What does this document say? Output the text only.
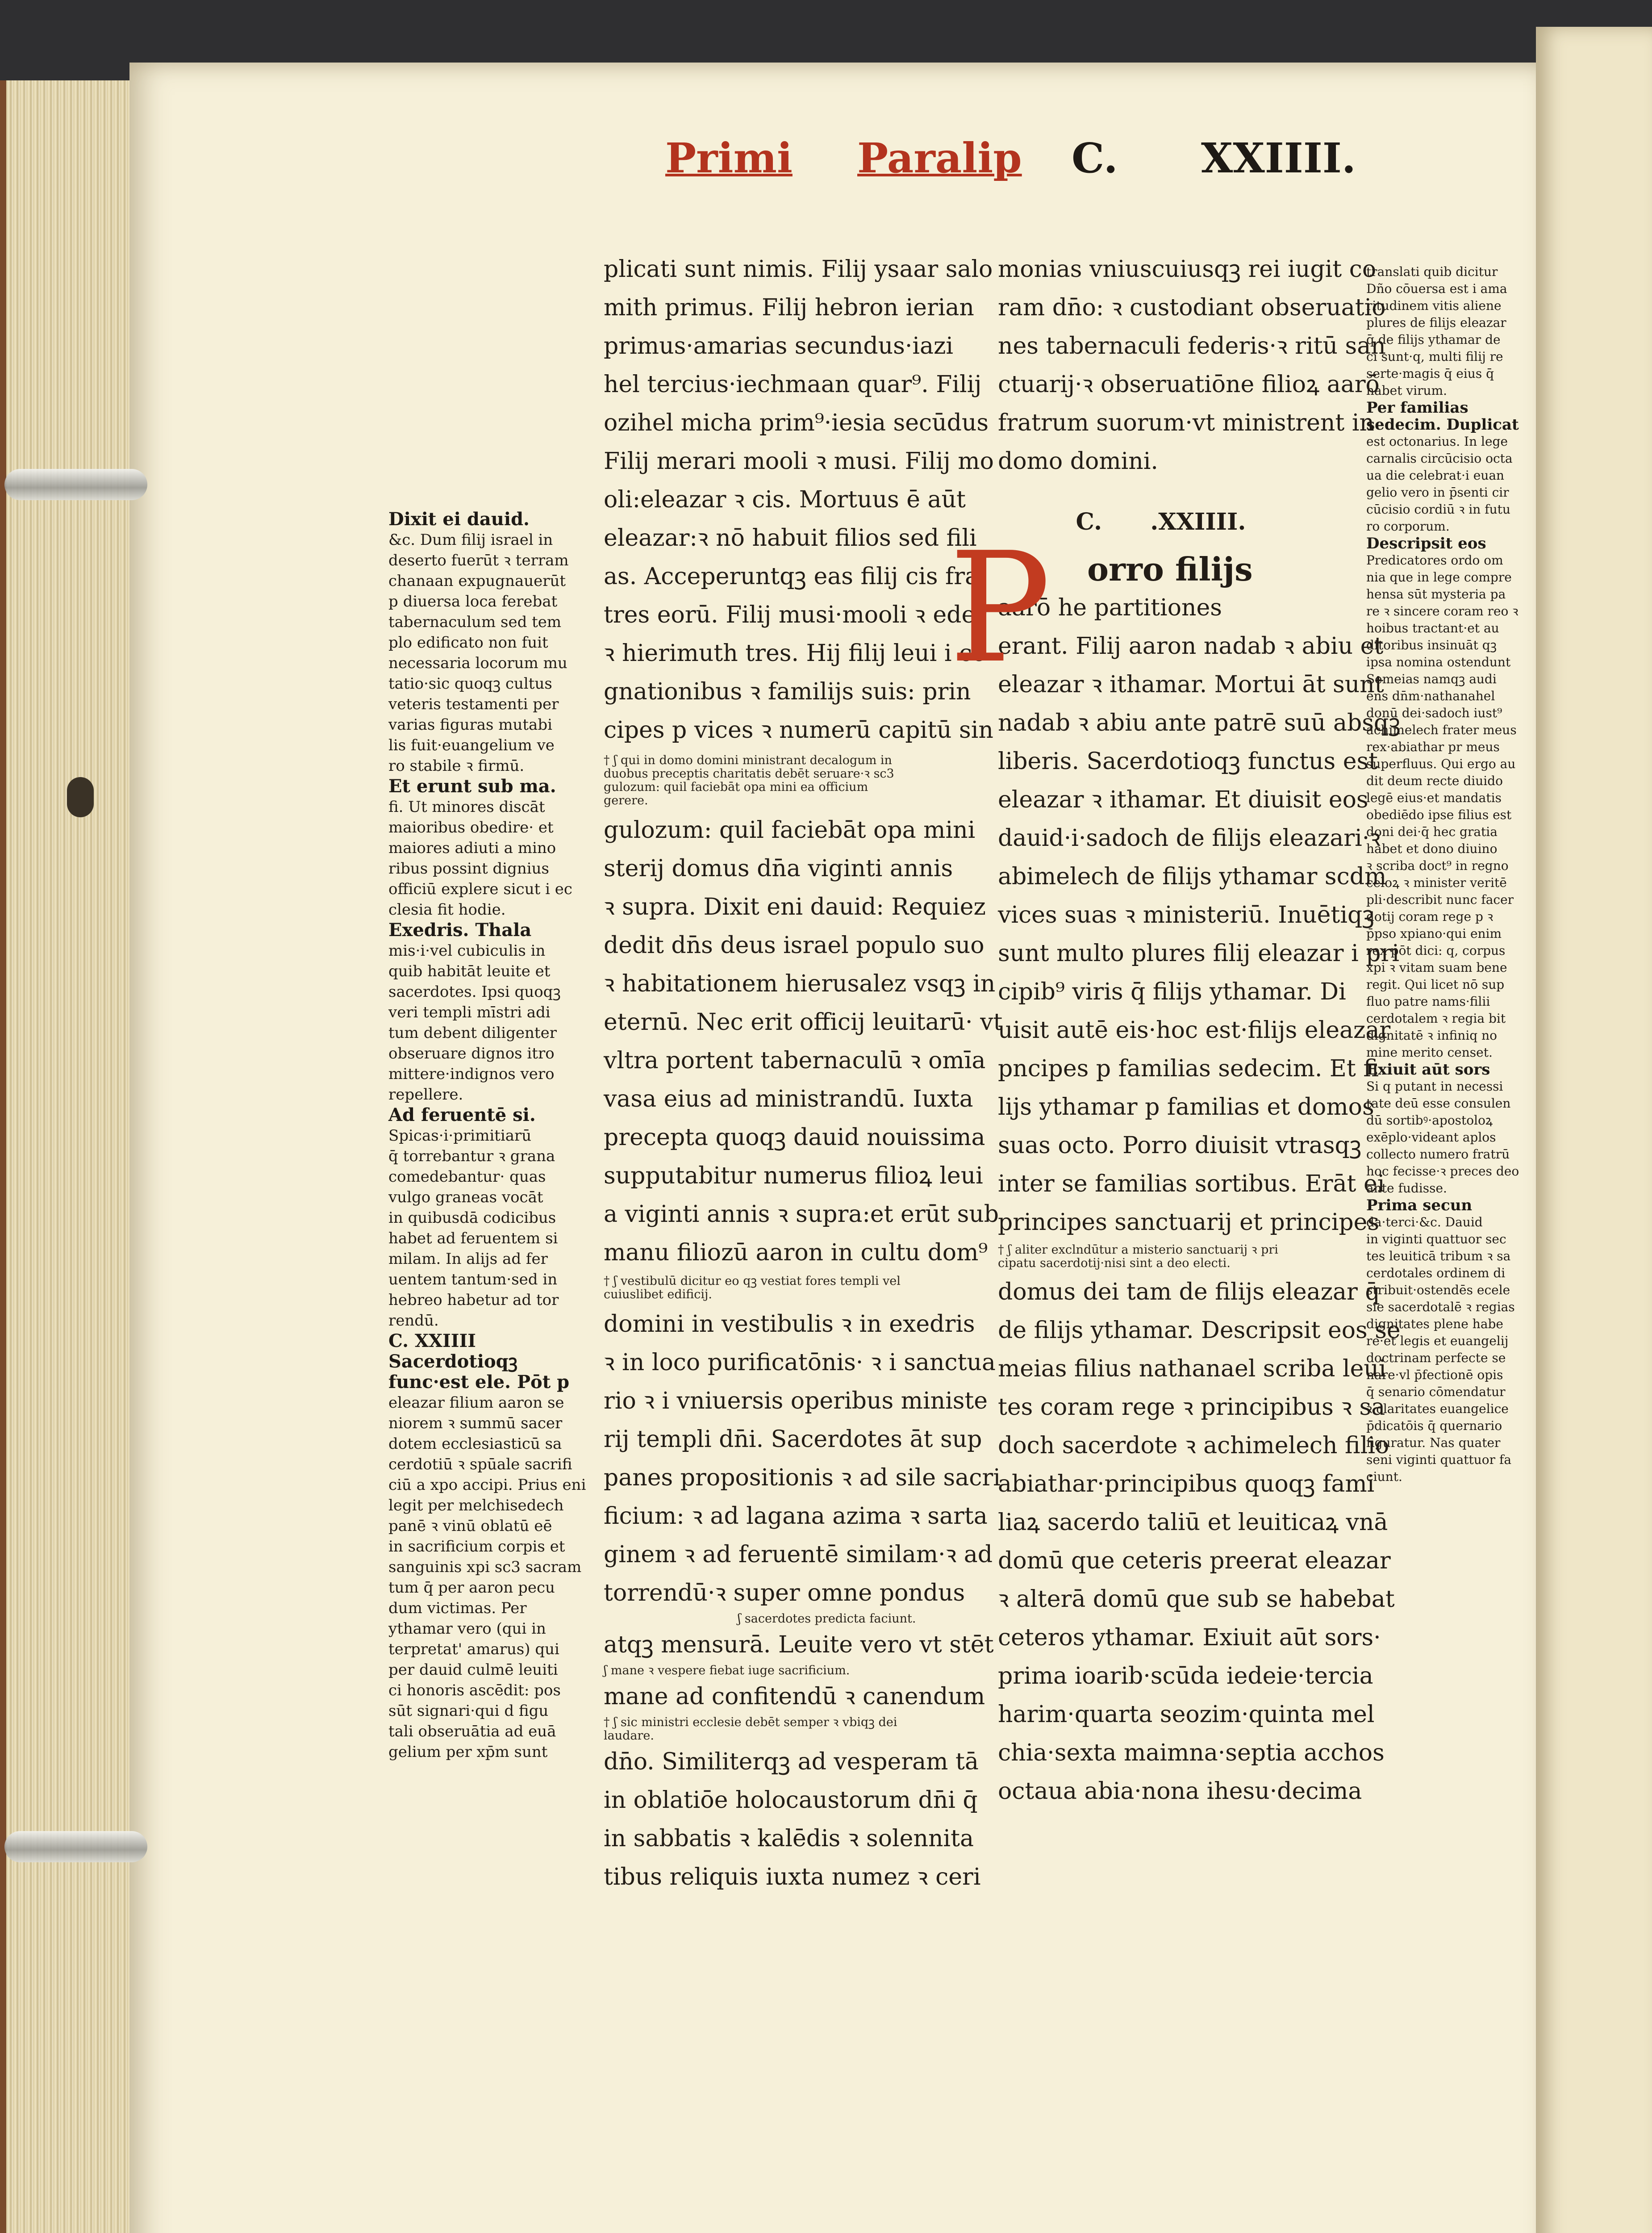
Primi Paralip C. XXIIII.
Dixit ei dauid.
&c. Dum filij israel in
deserto fuerūt ꝛ terram
chanaan expugnauerūt
p diuersa loca ferebat
tabernaculum sed tem
plo edificato non fuit
necessaria locorum mu
tatio·sic quoqꝫ cultus
veteris testamenti per
varias figuras mutabi
lis fuit·euangelium ve
ro stabile ꝛ firmū.
Et erunt sub ma.
fi. Ut minores discāt
maioribus obedire· et
maiores adiuti a mino
ribus possint dignius
officiū explere sicut i ec
clesia fit hodie.
Exedris. Thala
mis·i·vel cubiculis in
quib habitāt leuite et
sacerdotes. Ipsi quoqꝫ
veri templi mīstri adi
tum debent diligenter
obseruare dignos itro
mittere·indignos vero
repellere.
Ad feruentē si.
Spicas·i·primitiarū
q̄ torrebantur ꝛ grana
comedebantur· quas
vulgo graneas vocāt
in quibusdā codicibus
habet ad feruentem si
milam. In alijs ad fer
uentem tantum·sed in
hebreo habetur ad tor
rendū.
C. XXIIII
Sacerdotioqꝫ
func·est ele. Pōt p
eleazar filium aaron se
niorem ꝛ summū sacer
dotem ecclesiasticū sa
cerdotiū ꝛ spūale sacrifi
ciū a xpo accipi. Prius eni
legit per melchisedech
panē ꝛ vinū oblatū eē
in sacrificium corpis et
sanguinis xpi sc3 sacram
tum q̄ per aaron pecu
dum victimas. Per
ythamar vero (qui in
terpretat' amarus) qui
per dauid culmē leuiti
ci honoris ascēdit: pos
sūt signari·qui d figu
tali obseruātia ad euā
gelium per xp̄m sunt
plicati sunt nimis. Filij ysaar salo
mith primus. Filij hebron ierian
primus·amarias secundus·iazi
hel tercius·iechmaan quar⁹. Filij
ozihel micha prim⁹·iesia secūdus
Filij merari mooli ꝛ musi. Filij mo
oli:eleazar ꝛ cis. Mortuus ē aūt
eleazar:ꝛ nō habuit filios sed fili
as. Acceperuntqꝫ eas filij cis fra
tres eorū. Filij musi·mooli ꝛ eder
ꝛ hierimuth tres. Hij filij leui i co
gnationibus ꝛ familijs suis: prin
cipes p vices ꝛ numerū capitū sin

† ʃ qui in domo domini ministrant decalogum in duobus preceptis charitatis debēt seruare·ꝛ sc3 gulozum: quil faciebāt opa mini ea officium gerere.

gulozum: quil faciebāt opa mini
sterij domus dn̄a viginti annis
ꝛ supra. Dixit eni dauid: Requiez
dedit dn̄s deus israel populo suo
ꝛ habitationem hierusalez vsqꝫ in
eternū. Nec erit officij leuitarū· vt
vltra portent tabernaculū ꝛ omīa
vasa eius ad ministrandū. Iuxta
precepta quoqꝫ dauid nouissima
supputabitur numerus filioꝝ leui
a viginti annis ꝛ supra:et erūt sub
manu filiozū aaron in cultu dom⁹

† ʃ vestibulū dicitur eo qꝫ vestiat fores templi vel cuiuslibet edificij.

domini in vestibulis ꝛ in exedris
ꝛ in loco purificatōnis· ꝛ i sanctua
rio ꝛ i vniuersis operibus ministe
rij templi dn̄i. Sacerdotes āt sup
panes propositionis ꝛ ad sile sacri
ficium: ꝛ ad lagana azima ꝛ sarta
ginem ꝛ ad feruentē similam·ꝛ ad
torrendū·ꝛ super omne pondus

ʃ sacerdotes predicta faciunt.

atqꝫ mensurā. Leuite vero vt stēt

ʃ mane ꝛ vespere fiebat iuge sacrificium.

mane ad confitendū ꝛ canendum

† ʃ sic ministri ecclesie debēt semper ꝛ vbiqꝫ dei laudare.

dn̄o. Similiterqꝫ ad vesperam tā
in oblatiōe holocaustorum dn̄i q̄
in sabbatis ꝛ kalēdis ꝛ solennita
tibus reliquis iuxta numez ꝛ ceri
monias vniuscuiusqꝫ rei iugit co
ram dn̄o: ꝛ custodiant obseruatio
nes tabernaculi federis·ꝛ ritū san
ctuarij·ꝛ obseruatiōne filioꝝ aarō
fratrum suorum·vt ministrent in
domo domini.
C. .XXIIII.
P orro filijs
aarō he partitiones
erant. Filij aaron nadab ꝛ abiu et
eleazar ꝛ ithamar. Mortui āt sunt
nadab ꝛ abiu ante patrē suū absqꝫ
liberis. Sacerdotioqꝫ functus est
eleazar ꝛ ithamar. Et diuisit eos
dauid·i·sadoch de filijs eleazari·ꝛ
abimelech de filijs ythamar scdm
vices suas ꝛ ministeriū. Inuētiqꝫ
sunt multo plures filij eleazar i pri
cipib⁹ viris q̄ filijs ythamar. Di
uisit autē eis·hoc est·filijs eleazar
pncipes p familias sedecim. Et fi
lijs ythamar p familias et domos
suas octo. Porro diuisit vtrasqꝫ
inter se familias sortibus. Erāt ei
principes sanctuarij et principes

† ʃ aliter exclndūtur a misterio sanctuarij ꝛ pri cipatu sacerdotij·nisi sint a deo electi.

domus dei tam de filijs eleazar q̄
de filijs ythamar. Descripsit eos se
meias filius nathanael scriba leui
tes coram rege ꝛ principibus ꝛ sa
doch sacerdote ꝛ achimelech filio
abiathar·principibus quoqꝫ fami
liaꝝ sacerdo taliū et leuiticaꝝ vnā
domū que ceteris preerat eleazar
ꝛ alterā domū que sub se habebat
ceteros ythamar. Exiuit aūt sors·
prima ioarib·scūda iedeie·tercia
harim·quarta seozim·quinta mel
chia·sexta maimna·septia acchos
octaua abia·nona ihesu·decima
translati quib dicitur
Dño cōuersa est i ama
ritudinem vitis aliene
plures de filijs eleazar
q̄ de filijs ythamar de
ci sunt·q, multi filij re
serte·magis q̄ eius q̄
habet virum.
Per familias
sedecim. Duplicat
est octonarius. In lege
carnalis circūcisio octa
ua die celebrat·i euan
gelio vero in p̄senti cir
cūcisio cordiū ꝛ in futu
ro corporum.
Descripsit eos
Predicatores ordo om
nia que in lege compre
hensa sūt mysteria pa
re ꝛ sincere coram reo ꝛ
hoibus tractant·et au
ditoribus insinuāt qꝫ
ipsa nomina ostendunt
Semeias namqꝫ audi
ens dn̄m·nathanahel
donū dei·sadoch iust⁹
achimelech frater meus
rex·abiathar pr meus
superfluus. Qui ergo au
dit deum recte diuido
legē eius·et mandatis
obediēdo ipse filius est
doni dei·q̄ hec gratia
habet et dono diuino
ꝛ scriba doct⁹ in regno
celoꝝ ꝛ minister veritē
pli·describit nunc facer
dotij coram rege p ꝛ
p̄pso xpiano·qui enim
rex pōt dici: q, corpus
xpi ꝛ vitam suam bene
regit. Qui licet nō sup
fluo patre nams·filii
cerdotalem ꝛ regia bit
dignitatē ꝛ infiniq no
mine merito censet.
Exiuit aūt sors
Si q putant in necessi
tate deū esse consulen
dū sortibꝰ·apostoloꝝ
exēplo·videant aplos
collecto numero fratrū
hoc fecisse·ꝛ preces deo
ante fudisse.
Prima secun
da·terci·&c. Dauid
in viginti quattuor sec
tes leuiticā tribum ꝛ sa
cerdotales ordinem di
stribuit·ostendēs ecele
sie sacerdotalē ꝛ regias
dignitates plene habe
re·et legis et euangelij
doctrinam perfecte se
nare·vl p̄fectionē opis
q̄ senario cōmendatur
ꝛ claritates euangelice
p̄dicatōis q̄ quernario
figuratur. Nas quater
seni viginti quattuor fa
ciunt.
